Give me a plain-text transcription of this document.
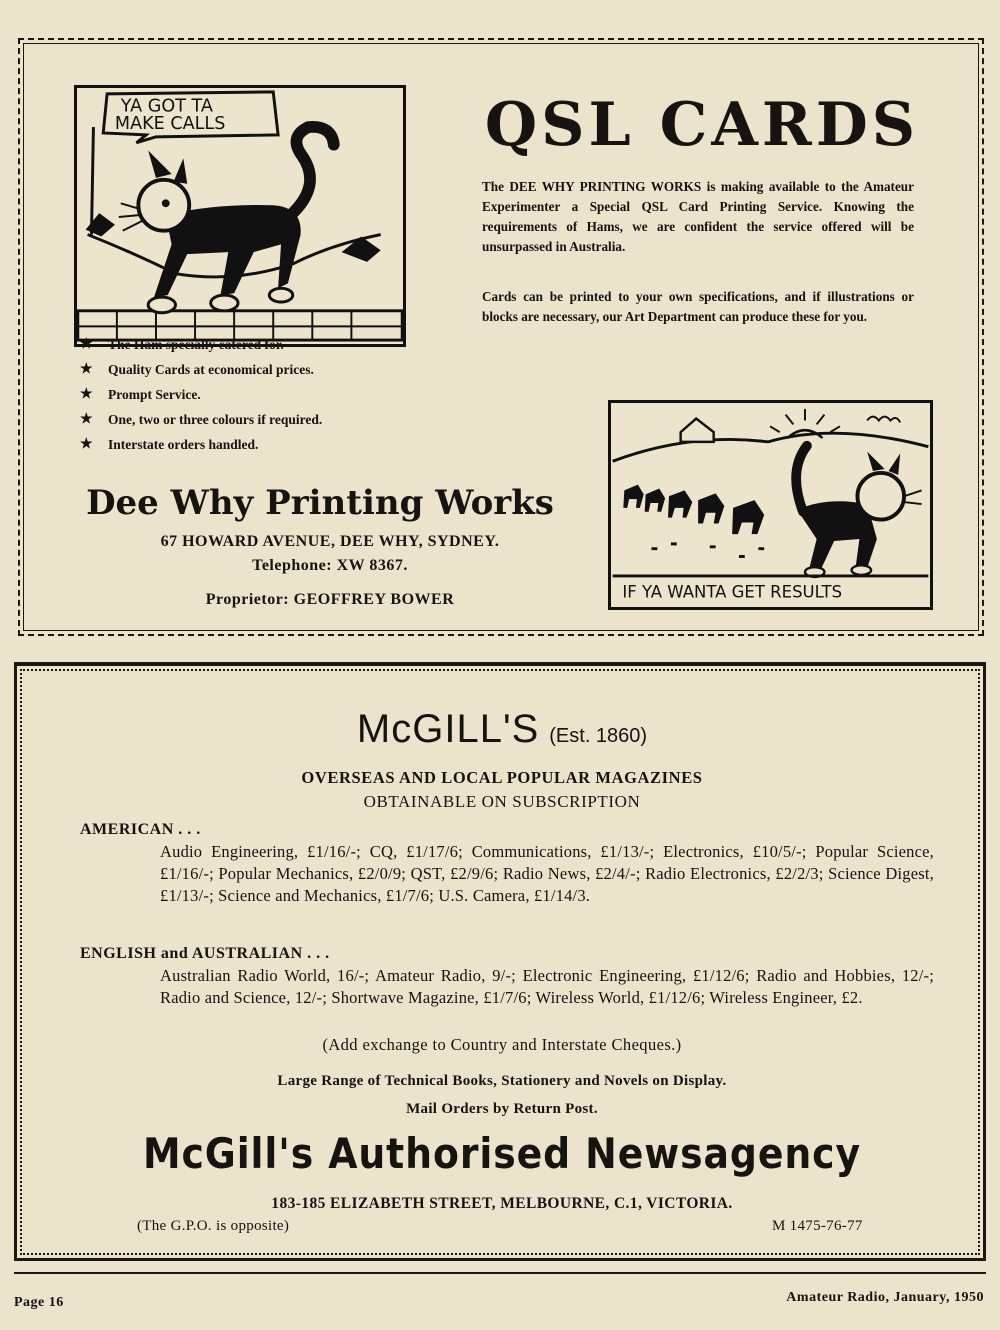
YA GOT TA
MAKE CALLS	QSL CARDS

The DEE WHY PRINTING WORKS is making available to the Amateur Experimenter a Special QSL Card Printing Service. Knowing the requirements of Hams, we are confident the service offered will be unsurpassed in Australia.

Cards can be printed to your own specifications, and if illustrations or blocks are necessary, our Art Department can produce these for you.

★	The Ham specially catered for.
★	Quality Cards at economical prices.
★	Prompt Service.
★	One, two or three colours if required.
★	Interstate orders handled.
Dee Why Printing Works
67 HOWARD AVENUE, DEE WHY, SYDNEY.
Telephone: XW 8367.
Proprietor: GEOFFREY BOWER	IF YA WANTA GET RESULTS
McGILL'S (Est. 1860)
OVERSEAS AND LOCAL POPULAR MAGAZINES
OBTAINABLE ON SUBSCRIPTION
AMERICAN . . .

Audio Engineering, £1/16/-; CQ, £1/17/6; Communications, £1/13/-; Electronics, £10/5/-; Popular Science, £1/16/-; Popular Mechanics, £2/0/9; QST, £2/9/6; Radio News, £2/4/-; Radio Electronics, £2/2/3; Science Digest, £1/13/-; Science and Mechanics, £1/7/6; U.S. Camera, £1/14/3.

ENGLISH and AUSTRALIAN . . .

Australian Radio World, 16/-; Amateur Radio, 9/-; Electronic Engineering, £1/12/6; Radio and Hobbies, 12/-; Radio and Science, 12/-; Shortwave Magazine, £1/7/6; Wireless World, £1/12/6; Wireless Engineer, £2.

(Add exchange to Country and Interstate Cheques.)

Large Range of Technical Books, Stationery and Novels on Display.

Mail Orders by Return Post.

McGill's Authorised Newsagency
183-185 ELIZABETH STREET, MELBOURNE, C.1, VICTORIA.
(The G.P.O. is opposite)	M 1475-76-77
Page 16	Amateur Radio, January, 1950
